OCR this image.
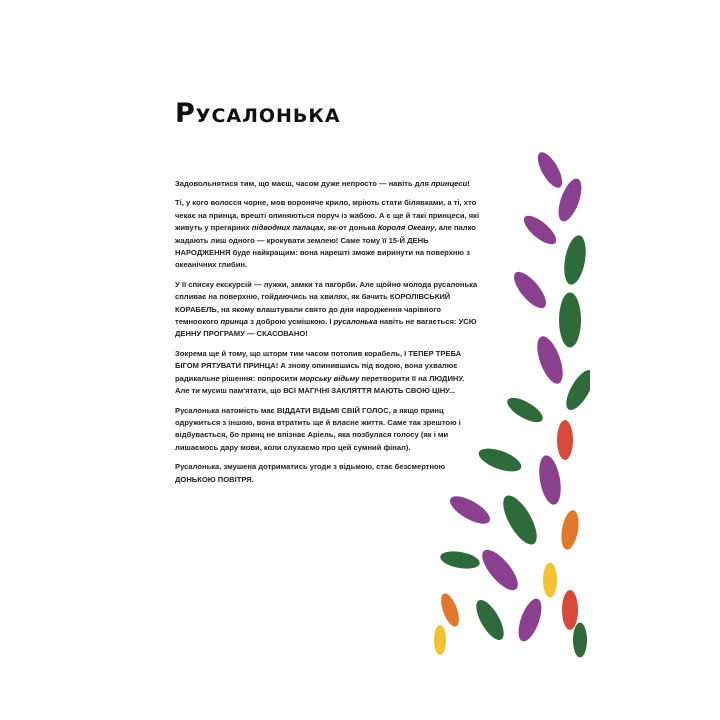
Русалонька

Задовольнятися тим, що маєш, часом дуже непросто — навіть для принцеси!

Ті, у кого волосся чорне, мов вороняче крило, мріють стати білявками, а ті, хто чекає на принца, врешті опиняються поруч із жабою. А є ще й такі принцеси, які живуть у прегарних підводних палацах, як-от донька Короля Океану, але палко жадають лиш одного — крокувати землею! Саме тому її 15-Й ДЕНЬ НАРОДЖЕННЯ буде найкращим: вона нарешті зможе виринути на поверхню з океанічних глибин.

У її списку екскурсій — лужки, замки та пагорби. Але щойно молода русалонька спливає на поверхню, гойдаючись на хвилях, як бачить КОРОЛІВСЬКИЙ КОРАБЕЛЬ, на якому влаштували свято до дня народження чарівного темноокого принца з доброю усмішкою. І русалонька навіть не вагається: УСЮ ДЕННУ ПРОГРАМУ — СКАСОВАНО!

Зокрема ще й тому, що шторм тим часом потопив корабель, І ТЕПЕР ТРЕБА БІГОМ РЯТУВАТИ ПРИНЦА! А знову опинившись під водою, вона ухвалює радикальне рішення: попросити морську відьму перетворити її на ЛЮДИНУ. Але ти мусиш пам'ятати, що ВСІ МАГІЧНІ ЗАКЛЯТТЯ МАЮТЬ СВОЮ ЦІНУ...

Русалонька натомість має ВІДДАТИ ВІДЬМІ СВІЙ ГОЛОС, а якщо принц одружиться з іншою, вона втратить ще й власне життя. Саме так зрештою і відбувається, бо принц не впізнає Аріель, яка позбулася голосу (як і ми лишаємось дару мови, коли слухаємо про цей сумний фінал).

Русалонька, змушена дотриматись угоди з відьмою, стає безсмертною ДОНЬКОЮ ПОВІТРЯ.
